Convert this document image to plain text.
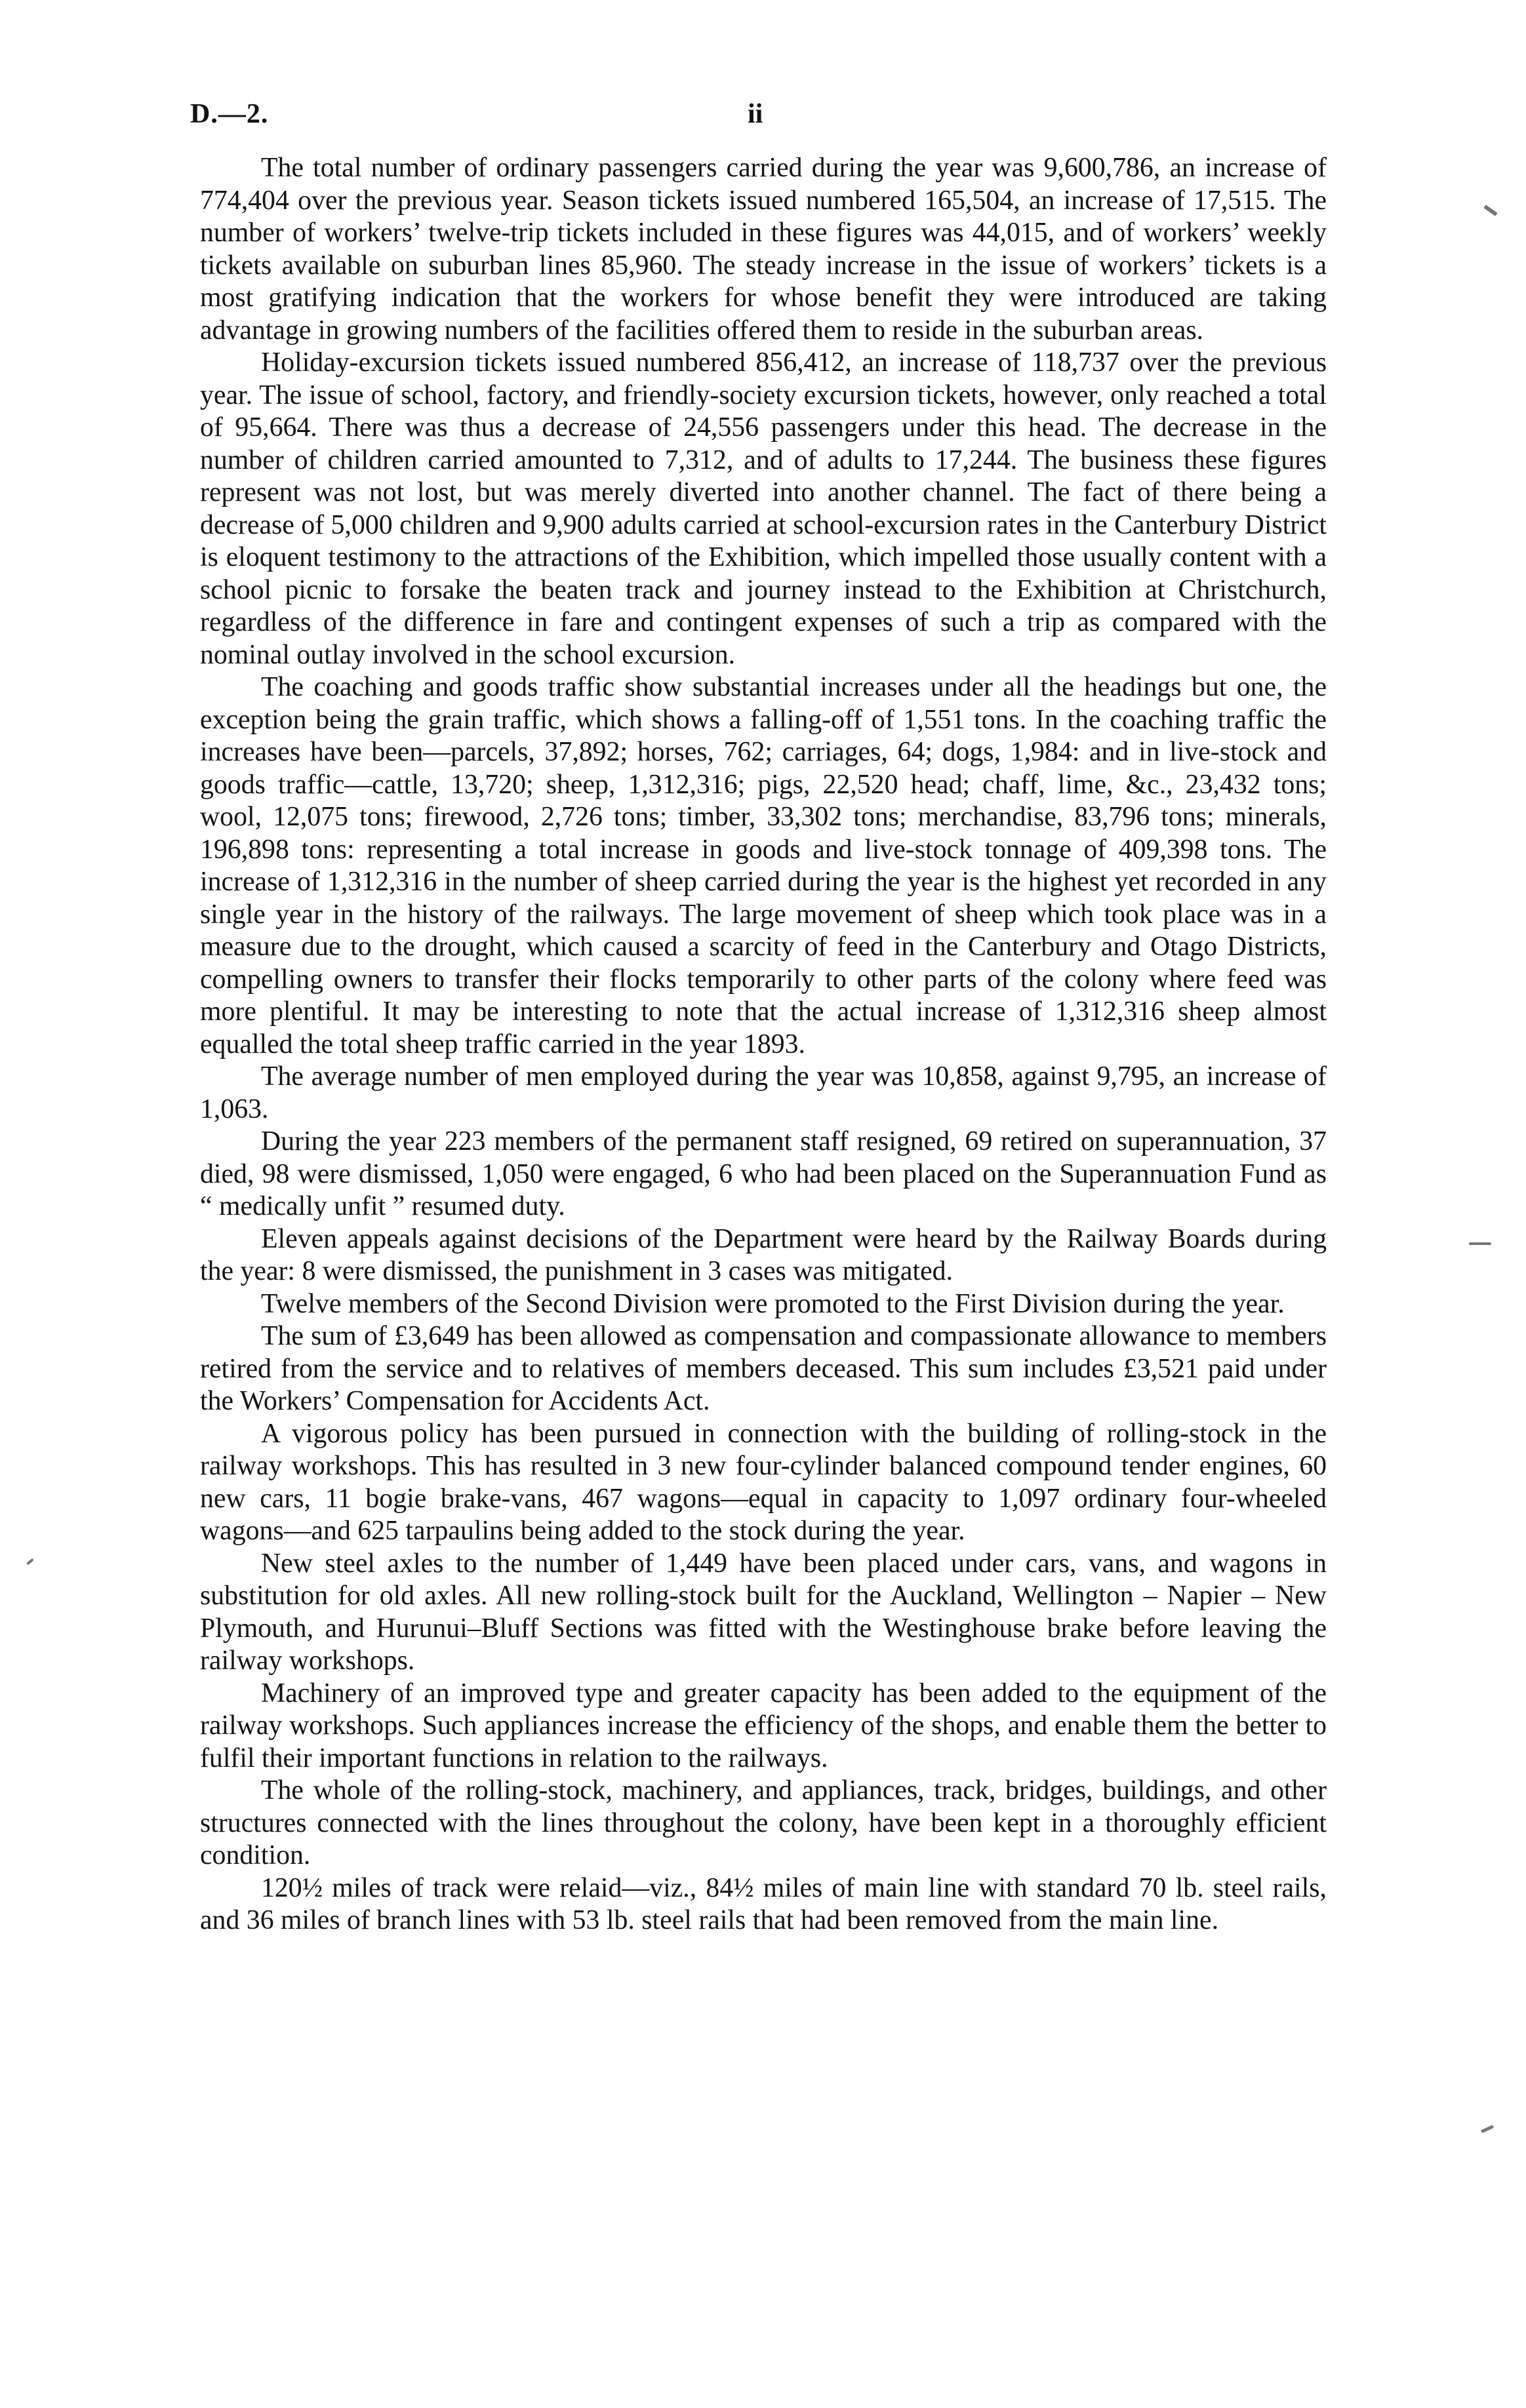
D.—2.	ii

The total number of ordinary passengers carried during the year was 9,600,786, an increase of 774,404 over the previous year. Season tickets issued numbered 165,504, an increase of 17,515. The number of workers’ twelve-trip tickets included in these figures was 44,015, and of workers’ weekly tickets available on suburban lines 85,960. The steady increase in the issue of workers’ tickets is a most gratifying indication that the workers for whose benefit they were introduced are taking advantage in growing numbers of the facilities offered them to reside in the suburban areas.

Holiday-excursion tickets issued numbered 856,412, an increase of 118,737 over the previous year. The issue of school, factory, and friendly-society excursion tickets, however, only reached a total of 95,664. There was thus a decrease of 24,556 passengers under this head. The decrease in the number of children carried amounted to 7,312, and of adults to 17,244. The business these figures represent was not lost, but was merely diverted into another channel. The fact of there being a decrease of 5,000 children and 9,900 adults carried at school-excursion rates in the Canterbury District is eloquent testimony to the attractions of the Exhibition, which impelled those usually content with a school picnic to forsake the beaten track and journey instead to the Exhibition at Christchurch, regardless of the difference in fare and contingent expenses of such a trip as compared with the nominal outlay involved in the school excursion.

The coaching and goods traffic show substantial increases under all the headings but one, the exception being the grain traffic, which shows a falling-off of 1,551 tons. In the coaching traffic the increases have been—parcels, 37,892; horses, 762; carriages, 64; dogs, 1,984: and in live-stock and goods traffic—cattle, 13,720; sheep, 1,312,316; pigs, 22,520 head; chaff, lime, &c., 23,432 tons; wool, 12,075 tons; firewood, 2,726 tons; timber, 33,302 tons; merchandise, 83,796 tons; minerals, 196,898 tons: representing a total increase in goods and live-stock tonnage of 409,398 tons. The increase of 1,312,316 in the number of sheep carried during the year is the highest yet recorded in any single year in the history of the railways. The large movement of sheep which took place was in a measure due to the drought, which caused a scarcity of feed in the Canterbury and Otago Districts, compelling owners to transfer their flocks temporarily to other parts of the colony where feed was more plentiful. It may be interesting to note that the actual increase of 1,312,316 sheep almost equalled the total sheep traffic carried in the year 1893.

The average number of men employed during the year was 10,858, against 9,795, an increase of 1,063.

During the year 223 members of the permanent staff resigned, 69 retired on superannuation, 37 died, 98 were dismissed, 1,050 were engaged, 6 who had been placed on the Superannuation Fund as “ medically unfit ” resumed duty.

Eleven appeals against decisions of the Department were heard by the Railway Boards during the year: 8 were dismissed, the punishment in 3 cases was mitigated.

Twelve members of the Second Division were promoted to the First Division during the year.

The sum of £3,649 has been allowed as compensation and compassionate allowance to members retired from the service and to relatives of members deceased. This sum includes £3,521 paid under the Workers’ Compensation for Accidents Act.

A vigorous policy has been pursued in connection with the building of rolling-stock in the railway workshops. This has resulted in 3 new four-cylinder balanced compound tender engines, 60 new cars, 11 bogie brake-vans, 467 wagons—equal in capacity to 1,097 ordinary four-wheeled wagons—and 625 tarpaulins being added to the stock during the year.

New steel axles to the number of 1,449 have been placed under cars, vans, and wagons in substitution for old axles. All new rolling-stock built for the Auckland, Wellington – Napier – New Plymouth, and Hurunui–Bluff Sections was fitted with the Westinghouse brake before leaving the railway workshops.

Machinery of an improved type and greater capacity has been added to the equipment of the railway workshops. Such appliances increase the efficiency of the shops, and enable them the better to fulfil their important functions in relation to the railways.

The whole of the rolling-stock, machinery, and appliances, track, bridges, buildings, and other structures connected with the lines throughout the colony, have been kept in a thoroughly efficient condition.

120½ miles of track were relaid—viz., 84½ miles of main line with standard 70 lb. steel rails, and 36 miles of branch lines with 53 lb. steel rails that had been removed from the main line.
